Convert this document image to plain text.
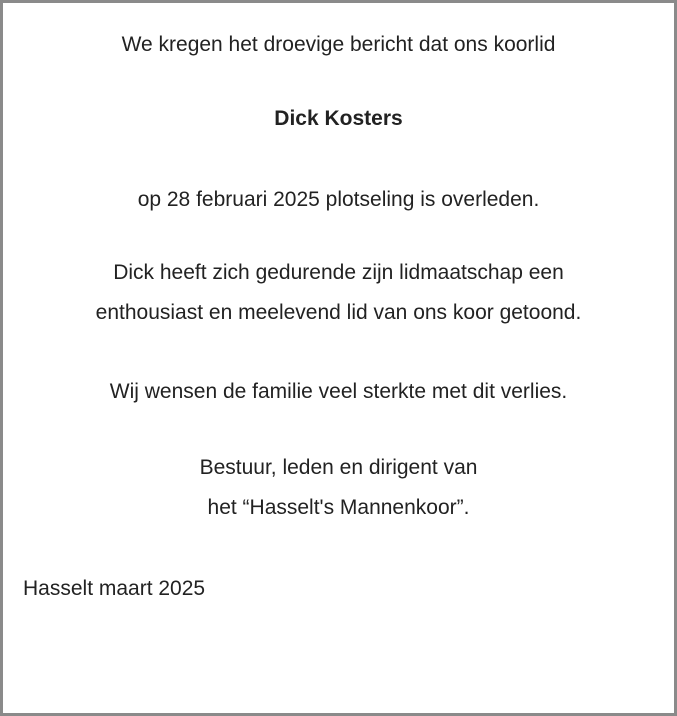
We kregen het droevige bericht dat ons koorlid
Dick Kosters
op 28 februari 2025 plotseling is overleden.
Dick heeft zich gedurende zijn lidmaatschap een
enthousiast en meelevend lid van ons koor getoond.
Wij wensen de familie veel sterkte met dit verlies.
Bestuur, leden en dirigent van
het “Hasselt's Mannenkoor”.
Hasselt maart 2025
